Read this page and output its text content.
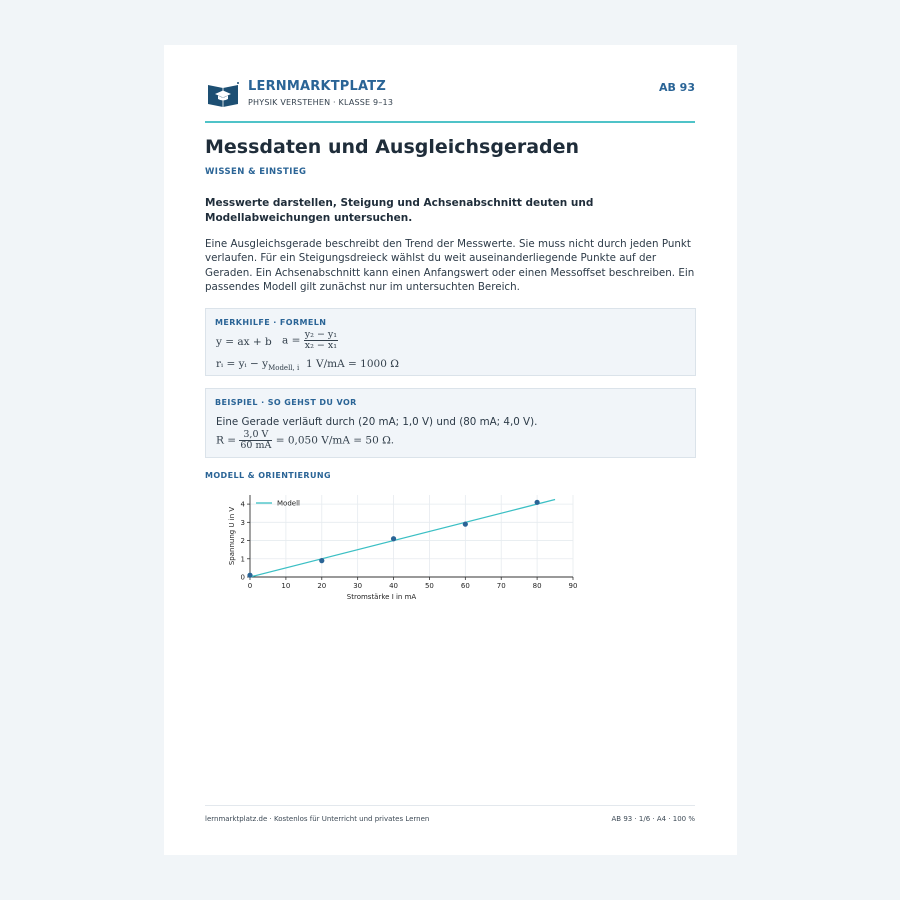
LERNMARKTPLATZ
PHYSIK VERSTEHEN · KLASSE 9–13
AB 93
Messdaten und Ausgleichsgeraden
WISSEN & EINSTIEG
Messwerte darstellen, Steigung und Achsenabschnitt deuten und Modellabweichungen untersuchen.
Eine Ausgleichsgerade beschreibt den Trend der Messwerte. Sie muss nicht durch jeden Punkt verlaufen. Für ein Steigungsdreieck wählst du weit auseinanderliegende Punkte auf der Geraden. Ein Achsenabschnitt kann einen Anfangswert oder einen Messoffset beschreiben. Ein passendes Modell gilt zunächst nur im untersuchten Bereich.
MERKHILFE · FORMELN
y = ax + b $a = \frac{\text{y₂ − y₁}}{\text{x₂ − x₁}}$
rᵢ = yᵢ − $y_{Modell, i}$ 1 V/mA = 1000 Ω
BEISPIEL · SO GEHST DU VOR
Eine Gerade verläuft durch (20 mA; 1,0 V) und (80 mA; 4,0 V).
$R = \frac{3,0 V}{60 mA} = 0,050$ V/mA = 50 Ω.
MODELL & ORIENTIERUNG
0	10	20	30	40	50	60	70	80	90
0
1
2
3
4
Stromstärke I in mA
Spannung U in V
Modell
lernmarktplatz.de · Kostenlos für Unterricht und privates Lernen	AB 93 · 1/6 · A4 · 100 %
